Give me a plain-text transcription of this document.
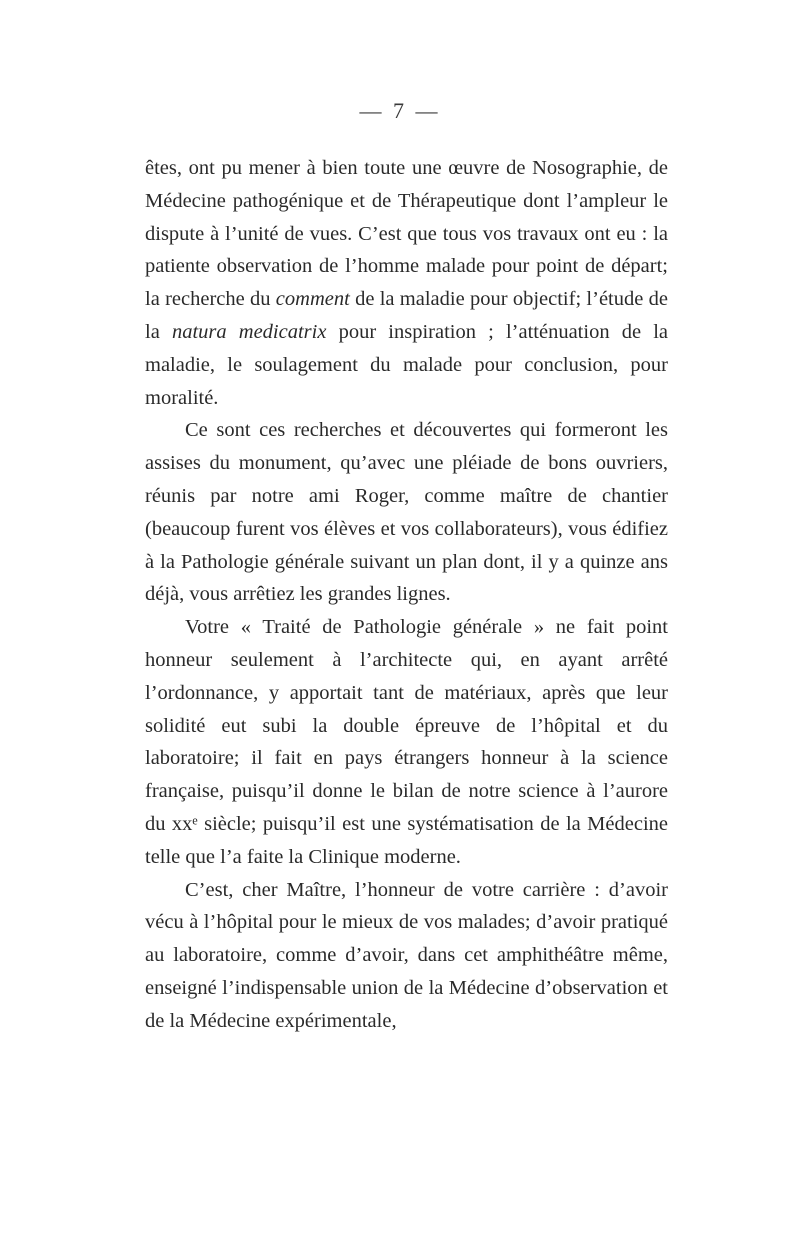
— 7 —

êtes, ont pu mener à bien toute une œuvre de Nosographie, de Médecine pathogénique et de Thérapeutique dont l’ampleur le dispute à l’unité de vues. C’est que tous vos travaux ont eu : la patiente observation de l’homme malade pour point de départ; la recherche du comment de la maladie pour objectif; l’étude de la natura medicatrix pour inspiration ; l’atténuation de la maladie, le soulagement du malade pour conclusion, pour moralité.

Ce sont ces recherches et découvertes qui formeront les assises du monument, qu’avec une pléiade de bons ouvriers, réunis par notre ami Roger, comme maître de chantier (beaucoup furent vos élèves et vos collaborateurs), vous édifiez à la Pathologie générale suivant un plan dont, il y a quinze ans déjà, vous arrêtiez les grandes lignes.

Votre « Traité de Pathologie générale » ne fait point honneur seulement à l’architecte qui, en ayant arrêté l’ordonnance, y apportait tant de matériaux, après que leur solidité eut subi la double épreuve de l’hôpital et du laboratoire; il fait en pays étrangers honneur à la science française, puisqu’il donne le bilan de notre science à l’aurore du xxᵉ siècle; puisqu’il est une systématisation de la Médecine telle que l’a faite la Clinique moderne.

C’est, cher Maître, l’honneur de votre carrière : d’avoir vécu à l’hôpital pour le mieux de vos malades; d’avoir pratiqué au laboratoire, comme d’avoir, dans cet amphithéâtre même, enseigné l’indispensable union de la Médecine d’observation et de la Médecine expérimentale,
